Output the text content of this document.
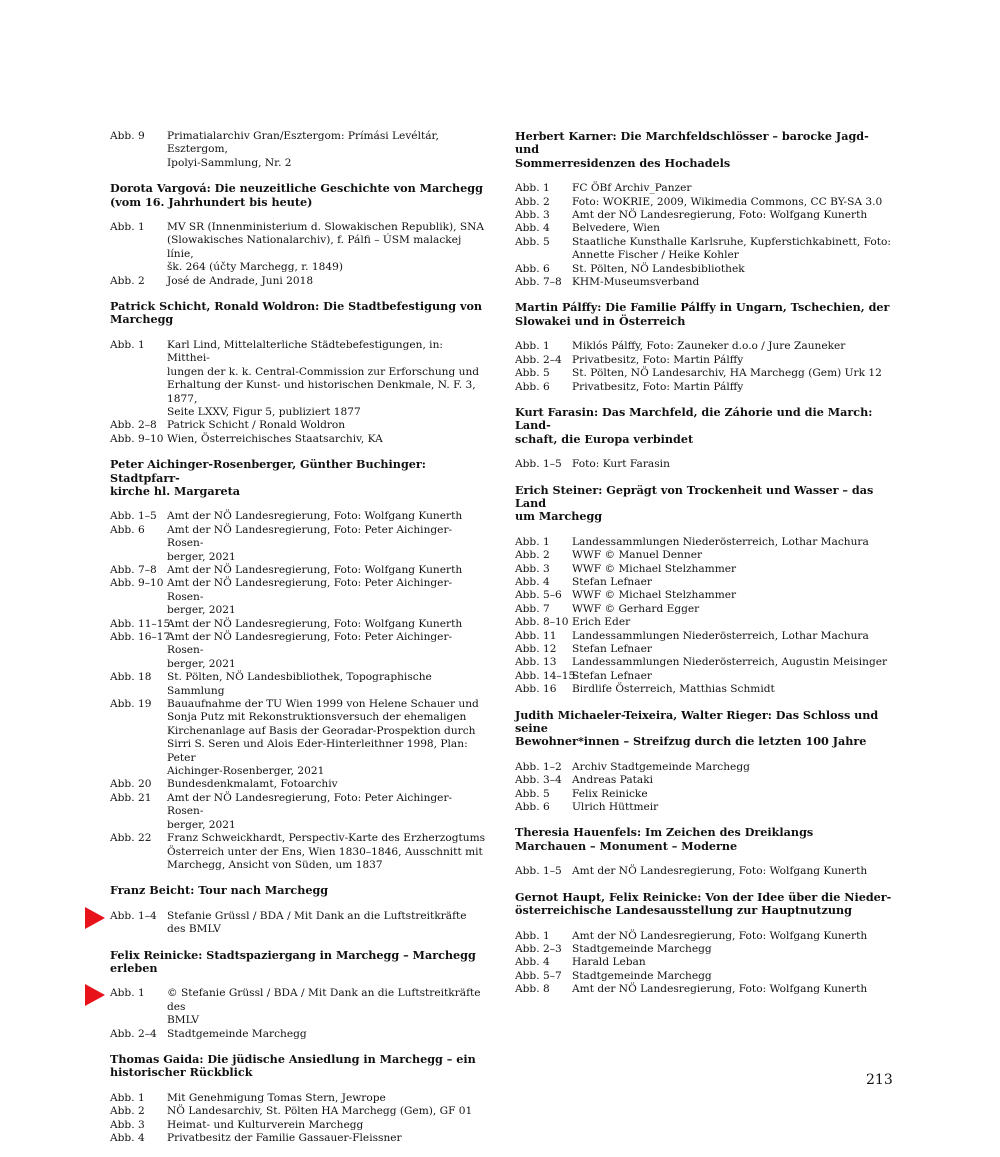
Abb. 9	Primatialarchiv Gran/Esztergom: Prímási Levéltár, Esztergom,
Ipolyi-Sammlung, Nr. 2
Dorota Vargová: Die neuzeitliche Geschichte von Marchegg
(vom 16. Jahrhundert bis heute)
Abb. 1	MV SR (Innenministerium d. Slowakischen Republik), SNA
(Slowakisches Nationalarchiv), f. Pálfi – ÚSM malackej línie,
šk. 264 (účty Marchegg, r. 1849)
Abb. 2	José de Andrade, Juni 2018
Patrick Schicht, Ronald Woldron: Die Stadtbefestigung von
Marchegg
Abb. 1	Karl Lind, Mittelalterliche Städtebefestigungen, in: Mitthei-
lungen der k. k. Central-Commission zur Erforschung und
Erhaltung der Kunst- und historischen Denkmale, N. F. 3, 1877,
Seite LXXV, Figur 5, publiziert 1877
Abb. 2–8 Patrick Schicht / Ronald Woldron
Abb. 9–10 Wien, Österreichisches Staatsarchiv, KA
Peter Aichinger-Rosenberger, Günther Buchinger: Stadtpfarr-
kirche hl. Margareta
Abb. 1–5 Amt der NÖ Landesregierung, Foto: Wolfgang Kunerth
Abb. 6	Amt der NÖ Landesregierung, Foto: Peter Aichinger-Rosen-
berger, 2021
Abb. 7–8 Amt der NÖ Landesregierung, Foto: Wolfgang Kunerth
Abb. 9–10 Amt der NÖ Landesregierung, Foto: Peter Aichinger-Rosen-
berger, 2021
Abb. 11–15
Amt der NÖ Landesregierung, Foto: Wolfgang Kunerth
Abb. 16–17
Amt der NÖ Landesregierung, Foto: Peter Aichinger-Rosen-
berger, 2021
Abb. 18	St. Pölten, NÖ Landesbibliothek, Topographische Sammlung
Abb. 19	Bauaufnahme der TU Wien 1999 von Helene Schauer und
Sonja Putz mit Rekonstruktionsversuch der ehemaligen
Kirchenanlage auf Basis der Georadar-Prospektion durch
Sirri S. Seren und Alois Eder-Hinterleithner 1998, Plan: Peter
Aichinger-Rosenberger, 2021
Abb. 20	Bundesdenkmalamt, Fotoarchiv
Abb. 21	Amt der NÖ Landesregierung, Foto: Peter Aichinger-Rosen-
berger, 2021
Abb. 22	Franz Schweickhardt, Perspectiv-Karte des Erzherzogtums
Österreich unter der Ens, Wien 1830–1846, Ausschnitt mit
Marchegg, Ansicht von Süden, um 1837
Franz Beicht: Tour nach Marchegg
Abb. 1–4 Stefanie Grüssl / BDA / Mit Dank an die Luftstreitkräfte des BMLV
Felix Reinicke: Stadtspaziergang in Marchegg – Marchegg
erleben
Abb. 1	© Stefanie Grüssl / BDA / Mit Dank an die Luftstreitkräfte des
BMLV
Abb. 2–4 Stadtgemeinde Marchegg
Thomas Gaida: Die jüdische Ansiedlung in Marchegg – ein
historischer Rückblick
Abb. 1	Mit Genehmigung Tomas Stern, Jewrope
Abb. 2	NÖ Landesarchiv, St. Pölten HA Marchegg (Gem), GF 01
Abb. 3	Heimat- und Kulturverein Marchegg
Abb. 4	Privatbesitz der Familie Gassauer-Fleissner
Herbert Karner: Die Marchfeldschlösser – barocke Jagd- und
Sommerresidenzen des Hochadels
Abb. 1	FC ÖBf Archiv_Panzer
Abb. 2	Foto: WOKRIE, 2009, Wikimedia Commons, CC BY-SA 3.0
Abb. 3	Amt der NÖ Landesregierung, Foto: Wolfgang Kunerth
Abb. 4	Belvedere, Wien
Abb. 5	Staatliche Kunsthalle Karlsruhe, Kupferstichkabinett, Foto:
Annette Fischer / Heike Kohler
Abb. 6	St. Pölten, NÖ Landesbibliothek
Abb. 7–8 KHM-Museumsverband
Martin Pálffy: Die Familie Pálffy in Ungarn, Tschechien, der
Slowakei und in Österreich
Abb. 1	Miklós Pálffy, Foto: Zauneker d.o.o / Jure Zauneker
Abb. 2–4 Privatbesitz, Foto: Martin Pálffy
Abb. 5	St. Pölten, NÖ Landesarchiv, HA Marchegg (Gem) Urk 12
Abb. 6	Privatbesitz, Foto: Martin Pálffy
Kurt Farasin: Das Marchfeld, die Záhorie und die March: Land-
schaft, die Europa verbindet
Abb. 1–5 Foto: Kurt Farasin
Erich Steiner: Geprägt von Trockenheit und Wasser – das Land
um Marchegg
Abb. 1	Landessammlungen Niederösterreich, Lothar Machura
Abb. 2	WWF © Manuel Denner
Abb. 3	WWF © Michael Stelzhammer
Abb. 4	Stefan Lefnaer
Abb. 5–6 WWF © Michael Stelzhammer
Abb. 7	WWF © Gerhard Egger
Abb. 8–10 Erich Eder
Abb. 11	Landessammlungen Niederösterreich, Lothar Machura
Abb. 12	Stefan Lefnaer
Abb. 13	Landessammlungen Niederösterreich, Augustin Meisinger
Abb. 14–15
Stefan Lefnaer
Abb. 16	Birdlife Österreich, Matthias Schmidt
Judith Michaeler-Teixeira, Walter Rieger: Das Schloss und seine
Bewohner*innen – Streifzug durch die letzten 100 Jahre
Abb. 1–2 Archiv Stadtgemeinde Marchegg
Abb. 3–4 Andreas Pataki
Abb. 5	Felix Reinicke
Abb. 6	Ulrich Hüttmeir
Theresia Hauenfels: Im Zeichen des Dreiklangs
Marchauen – Monument – Moderne
Abb. 1–5 Amt der NÖ Landesregierung, Foto: Wolfgang Kunerth
Gernot Haupt, Felix Reinicke: Von der Idee über die Nieder-
österreichische Landesausstellung zur Hauptnutzung
Abb. 1	Amt der NÖ Landesregierung, Foto: Wolfgang Kunerth
Abb. 2–3 Stadtgemeinde Marchegg
Abb. 4	Harald Leban
Abb. 5–7 Stadtgemeinde Marchegg
Abb. 8	Amt der NÖ Landesregierung, Foto: Wolfgang Kunerth
213
